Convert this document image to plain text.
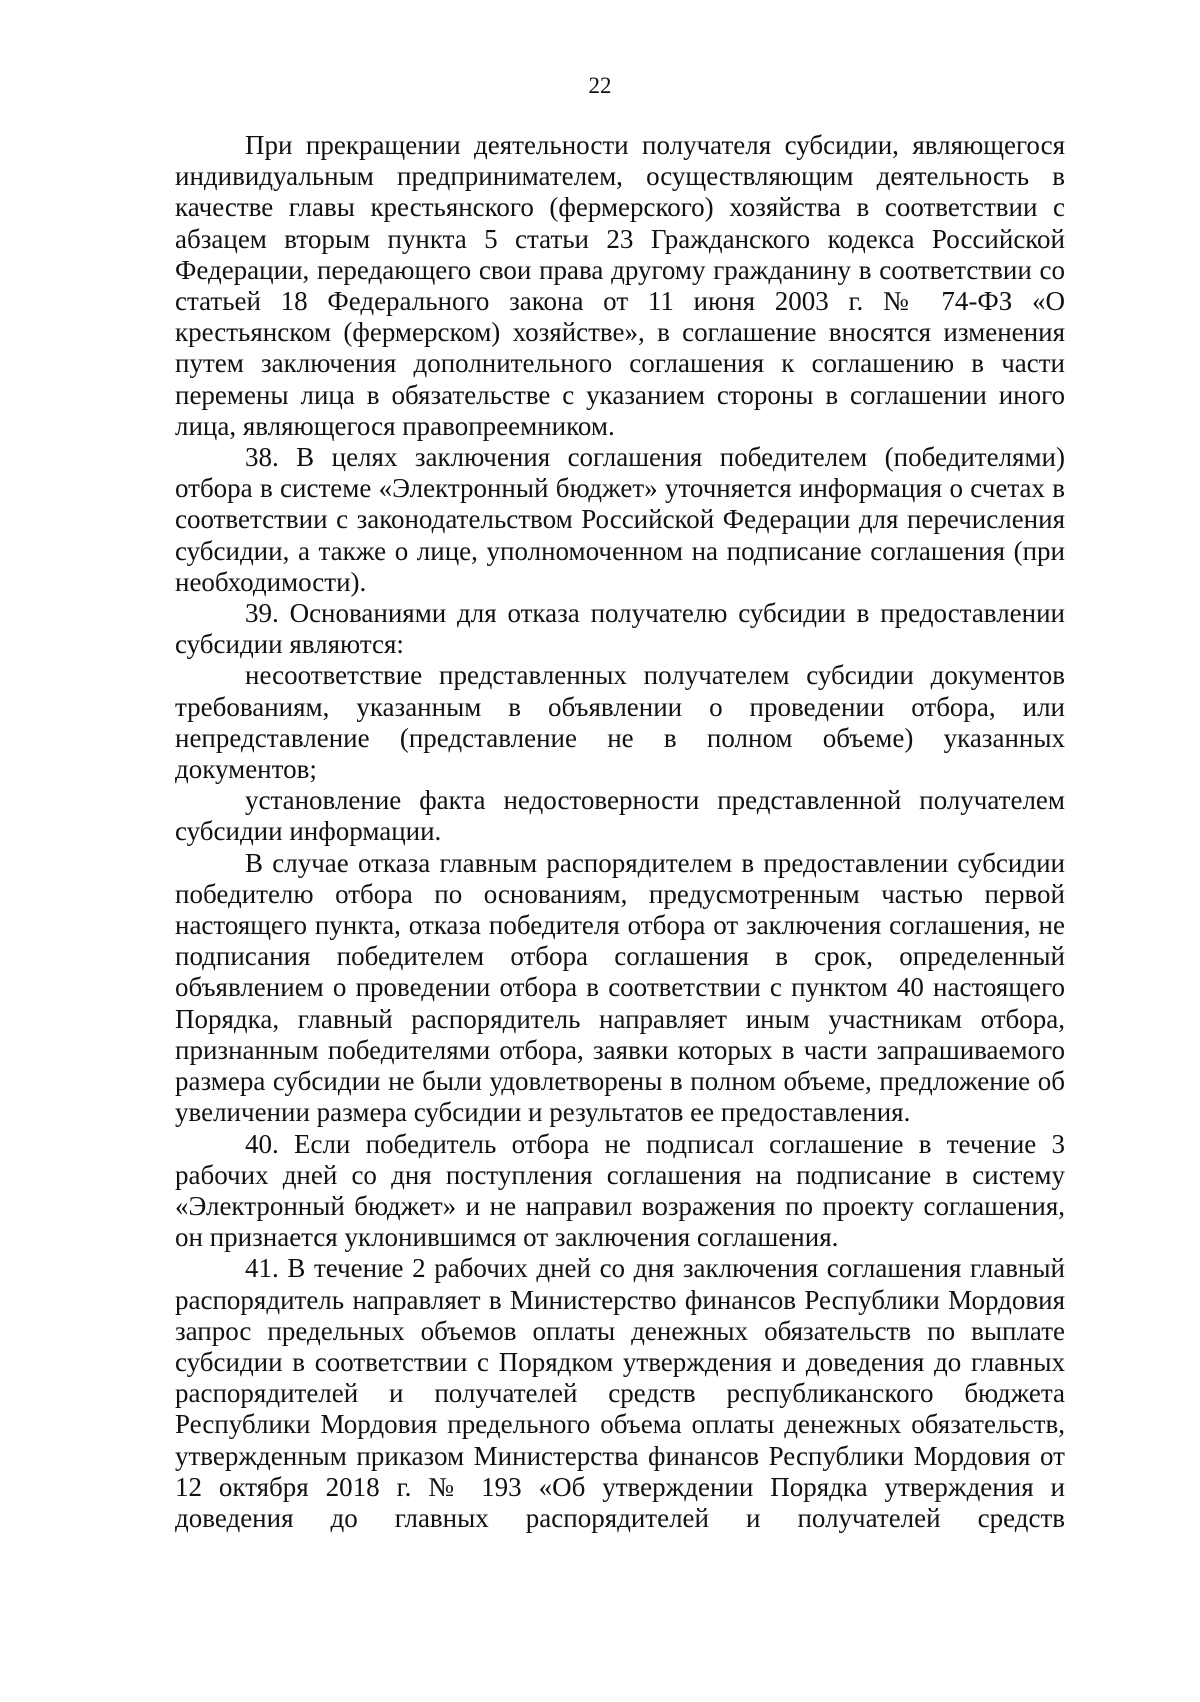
22

При прекращении деятельности получателя субсидии, являющегося индивидуальным предпринимателем, осуществляющим деятельность в качестве главы крестьянского (фермерского) хозяйства в соответствии с абзацем вторым пункта 5 статьи 23 Гражданского кодекса Российской Федерации, передающего свои права другому гражданину в соответствии со статьей 18 Федерального закона от 11 июня 2003 г. № 74-ФЗ «О крестьянском (фермерском) хозяйстве», в соглашение вносятся изменения путем заключения дополнительного соглашения к соглашению в части перемены лица в обязательстве с указанием стороны в соглашении иного лица, являющегося правопреемником.

38. В целях заключения соглашения победителем (победителями) отбора в системе «Электронный бюджет» уточняется информация о счетах в соответствии с законодательством Российской Федерации для перечисления субсидии, а также о лице, уполномоченном на подписание соглашения (при необходимости).

39. Основаниями для отказа получателю субсидии в предоставлении субсидии являются:

несоответствие представленных получателем субсидии документов требованиям, указанным в объявлении о проведении отбора, или непредставление (представление не в полном объеме) указанных документов;

установление факта недостоверности представленной получателем субсидии информации.

В случае отказа главным распорядителем в предоставлении субсидии победителю отбора по основаниям, предусмотренным частью первой настоящего пункта, отказа победителя отбора от заключения соглашения, не подписания победителем отбора соглашения в срок, определенный объявлением о проведении отбора в соответствии с пунктом 40 настоящего Порядка, главный распорядитель направляет иным участникам отбора, признанным победителями отбора, заявки которых в части запрашиваемого размера субсидии не были удовлетворены в полном объеме, предложение об увеличении размера субсидии и результатов ее предоставления.

40. Если победитель отбора не подписал соглашение в течение 3 рабочих дней со дня поступления соглашения на подписание в систему «Электронный бюджет» и не направил возражения по проекту соглашения, он признается уклонившимся от заключения соглашения.

41. В течение 2 рабочих дней со дня заключения соглашения главный распорядитель направляет в Министерство финансов Республики Мордовия запрос предельных объемов оплаты денежных обязательств по выплате субсидии в соответствии с Порядком утверждения и доведения до главных распорядителей и получателей средств республиканского бюджета Республики Мордовия предельного объема оплаты денежных обязательств, утвержденным приказом Министерства финансов Республики Мордовия от 12 октября 2018 г. № 193 «Об утверждении Порядка утверждения и доведения до главных распорядителей и получателей средств
